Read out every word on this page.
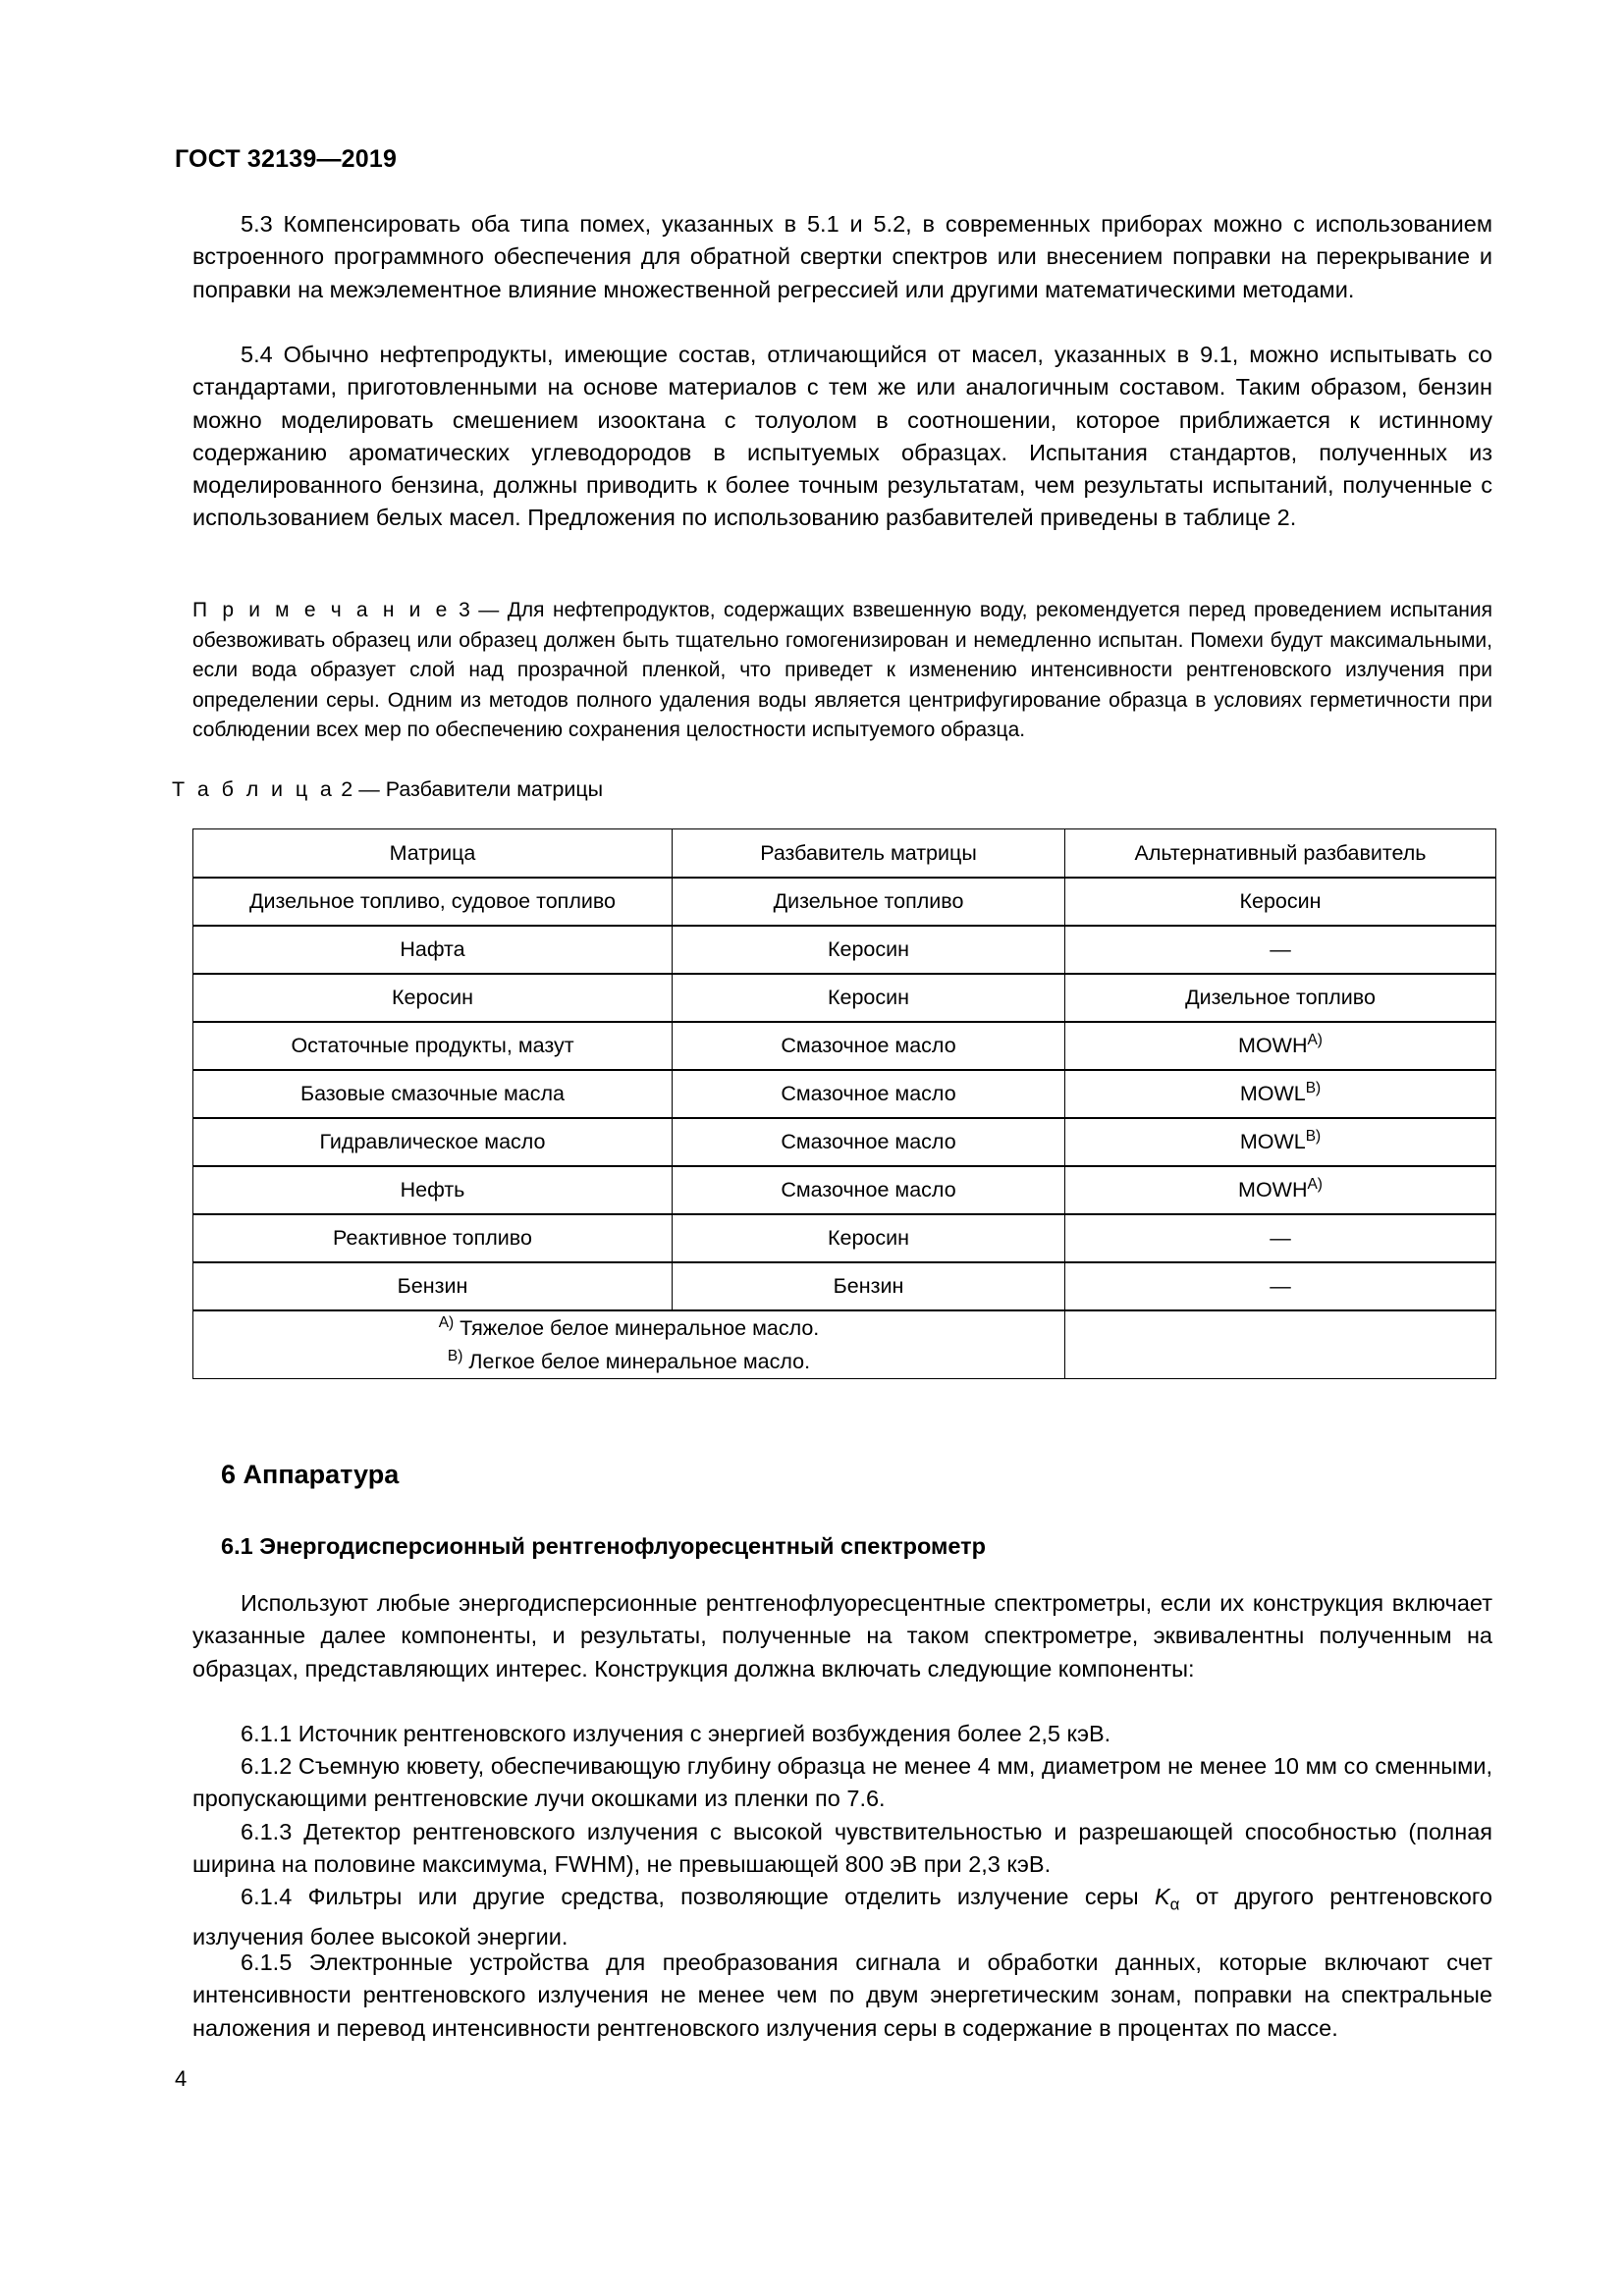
ГОСТ 32139—2019
5.3 Компенсировать оба типа помех, указанных в 5.1 и 5.2, в современных приборах можно с использованием встроенного программного обеспечения для обратной свертки спектров или внесением поправки на перекрывание и поправки на межэлементное влияние множественной регрессией или другими математическими методами.
5.4 Обычно нефтепродукты, имеющие состав, отличающийся от масел, указанных в 9.1, можно испытывать со стандартами, приготовленными на основе материалов с тем же или аналогичным составом. Таким образом, бензин можно моделировать смешением изооктана с толуолом в соотношении, которое приближается к истинному содержанию ароматических углеводородов в испытуемых образцах. Испытания стандартов, полученных из моделированного бензина, должны приводить к более точным результатам, чем результаты испытаний, полученные с использованием белых масел. Предложения по использованию разбавителей приведены в таблице 2.
П р и м е ч а н и е 3 — Для нефтепродуктов, содержащих взвешенную воду, рекомендуется перед проведением испытания обезвоживать образец или образец должен быть тщательно гомогенизирован и немедленно испытан. Помехи будут максимальными, если вода образует слой над прозрачной пленкой, что приведет к изменению интенсивности рентгеновского излучения при определении серы. Одним из методов полного удаления воды является центрифугирование образца в условиях герметичности при соблюдении всех мер по обеспечению сохранения целостности испытуемого образца.
Т а б л и ц а 2 — Разбавители матрицы
Матрица	Разбавитель матрицы	Альтернативный разбавитель
Дизельное топливо, судовое топливо	Дизельное топливо	Керосин
Нафта	Керосин	—
Керосин	Керосин	Дизельное топливо
Остаточные продукты, мазут	Смазочное масло	MOWH$^{A)}$
Базовые смазочные масла	Смазочное масло	MOWL$^{B)}$
Гидравлическое масло	Смазочное масло	MOWL$^{B)}$
Нефть	Смазочное масло	MOWH$^{A)}$
Реактивное топливо	Керосин	—
Бензин	Бензин	—

$^{A)}$ Тяжелое белое минеральное масло.
$^{B)}$ Легкое белое минеральное масло.		

6 Аппаратура
6.1 Энергодисперсионный рентгенофлуоресцентный спектрометр
Используют любые энергодисперсионные рентгенофлуоресцентные спектрометры, если их конструкция включает указанные далее компоненты, и результаты, полученные на таком спектрометре, эквивалентны полученным на образцах, представляющих интерес. Конструкция должна включать следующие компоненты:
6.1.1 Источник рентгеновского излучения с энергией возбуждения более 2,5 кэВ.
6.1.2 Съемную кювету, обеспечивающую глубину образца не менее 4 мм, диаметром не менее 10 мм со сменными, пропускающими рентгеновские лучи окошками из пленки по 7.6.
6.1.3 Детектор рентгеновского излучения с высокой чувствительностью и разрешающей способностью (полная ширина на половине максимума, FWHM), не превышающей 800 эВ при 2,3 кэВ.
6.1.4 Фильтры или другие средства, позволяющие отделить излучение серы $K_\alpha$ от другого рентгеновского излучения более высокой энергии.
6.1.5 Электронные устройства для преобразования сигнала и обработки данных, которые включают счет интенсивности рентгеновского излучения не менее чем по двум энергетическим зонам, поправки на спектральные наложения и перевод интенсивности рентгеновского излучения серы в содержание в процентах по массе.
4
